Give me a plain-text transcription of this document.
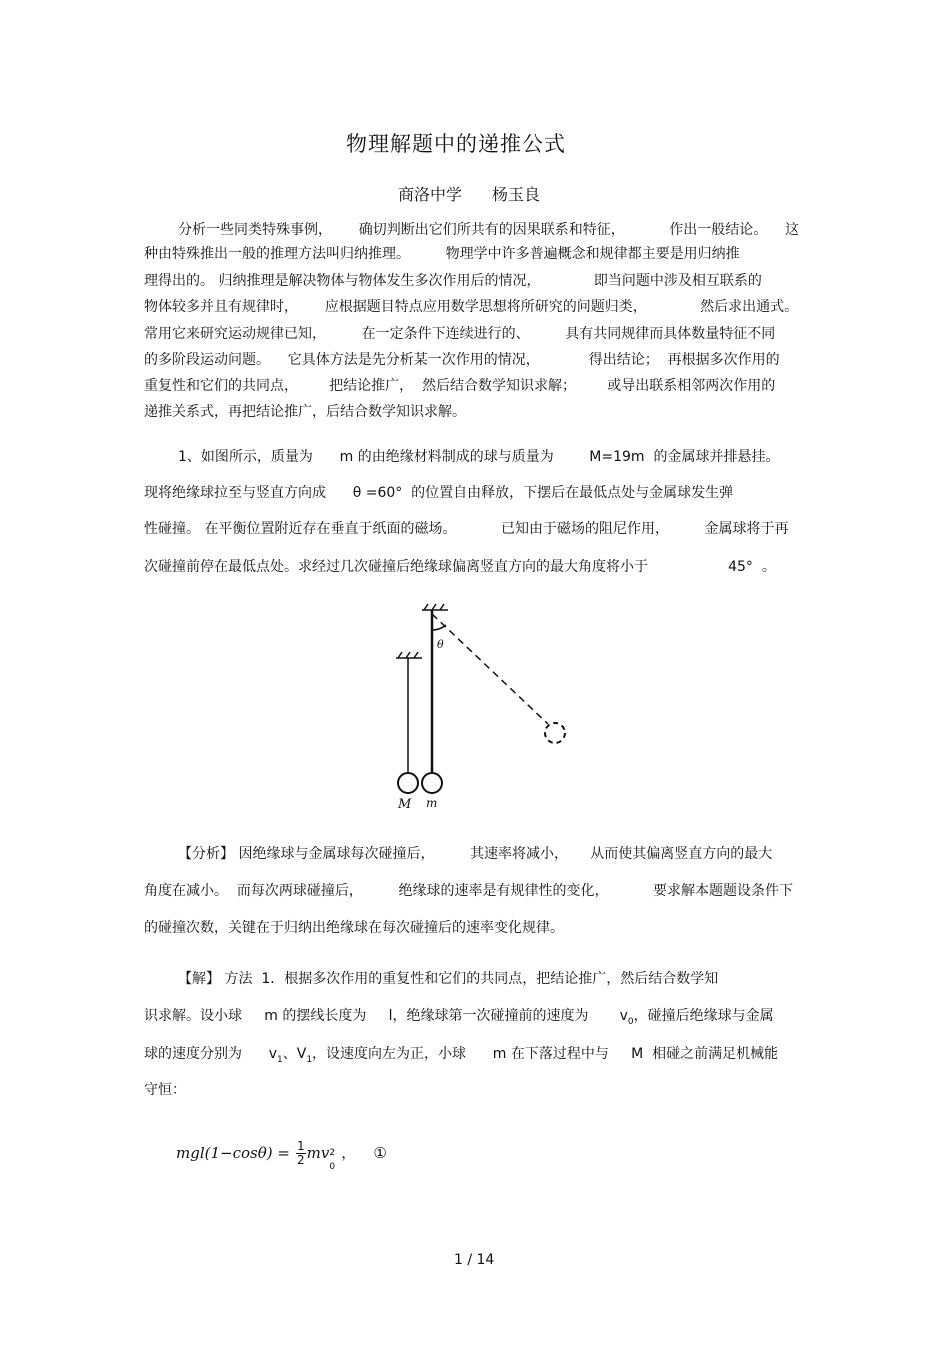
物理解题中的递推公式
商洛中学 杨玉良
分析一些同类特殊事例，      确切判断出它们所共有的因果联系和特征，          作出一般结论。    这
种由特殊推出一般的推理方法叫归纳推理。        物理学中许多普遍概念和规律都主要是用归纳推
理得出的。 归纳推理是解决物体与物体发生多次作用后的情况，            即当问题中涉及相互联系的
物体较多并且有规律时，      应根据题目特点应用数学思想将所研究的问题归类，            然后求出通式。
常用它来研究运动规律已知，        在一定条件下连续进行的、        具有共同规律而具体数量特征不同
的多阶段运动问题。    它具体方法是先分析某一次作用的情况，           得出结论；  再根据多次作用的
重复性和它们的共同点，       把结论推广，  然后结合数学知识求解；       或导出联系相邻两次作用的
递推关系式，再把结论推广，后结合数学知识求解。
1、如图所示，质量为      m 的由绝缘材料制成的球与质量为        M=19m  的金属球并排悬挂。
现将绝缘球拉至与竖直方向成      θ =60°  的位置自由释放，下摆后在最低点处与金属球发生弹
性碰撞。 在平衡位置附近存在垂直于纸面的磁场。          已知由于磁场的阻尼作用，        金属球将于再
次碰撞前停在最低点处。求经过几次碰撞后绝缘球偏离竖直方向的最大角度将小于                  45°  。
θ
M m
【分析】 因绝缘球与金属球每次碰撞后，        其速率将减小，     从而使其偏离竖直方向的最大
角度在减小。  而每次两球碰撞后，        绝缘球的速率是有规律性的变化，          要求解本题题设条件下
的碰撞次数，关键在于归纳出绝缘球在每次碰撞后的速率变化规律。
【解】 方法  1．根据多次作用的重复性和它们的共同点，把结论推广，然后结合数学知
识求解。设小球     m 的摆线长度为     l，绝缘球第一次碰撞前的速度为       $v_0$，碰撞后绝缘球与金属
球的速度分别为      $v_1$、$V_1$，设速度向左为正，小球      m 在下落过程中与     M  相碰之前满足机械能
守恒：
$mgl(1-\cos\theta) = \frac{1}{2}$ mv 2
0
， ①
1 / 14
